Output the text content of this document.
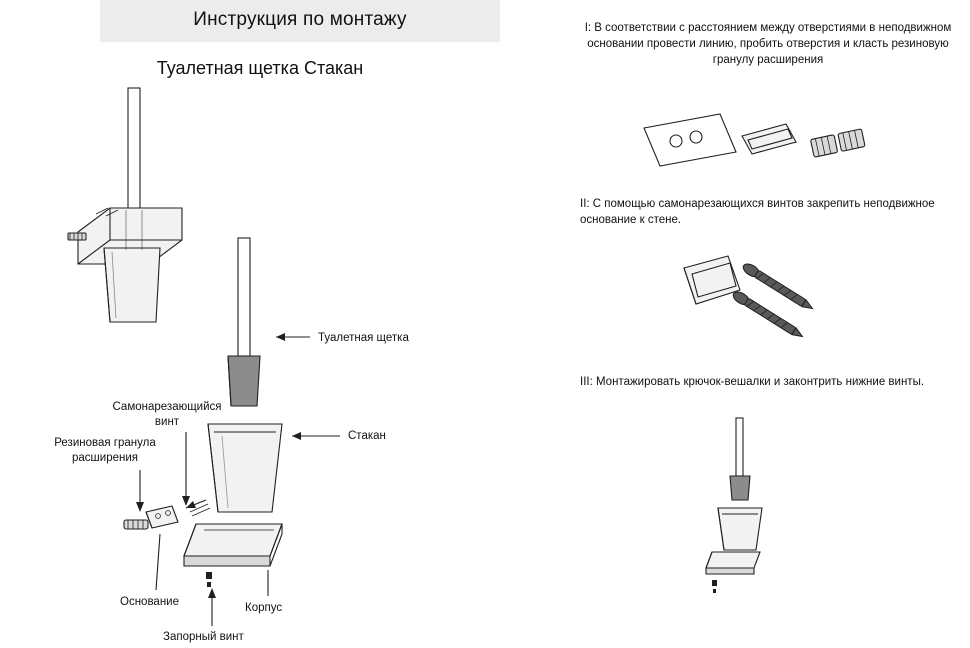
Инструкция по монтажу
Туалетная щетка Стакан
I: В соответствии с расстоянием между отверстиями в неподвижном основании провести линию, пробить отверстия и класть резиновую гранулу расширения
II: С помощью самонарезающихся винтов закрепить неподвижное основание к стене.
III: Монтажировать крючок-вешалки и законтрить нижние винты.
Туалетная щетка
Стакан
Самонарезающийся винт
Резиновая гранула расширения
Основание	Корпус
Запорный винт
